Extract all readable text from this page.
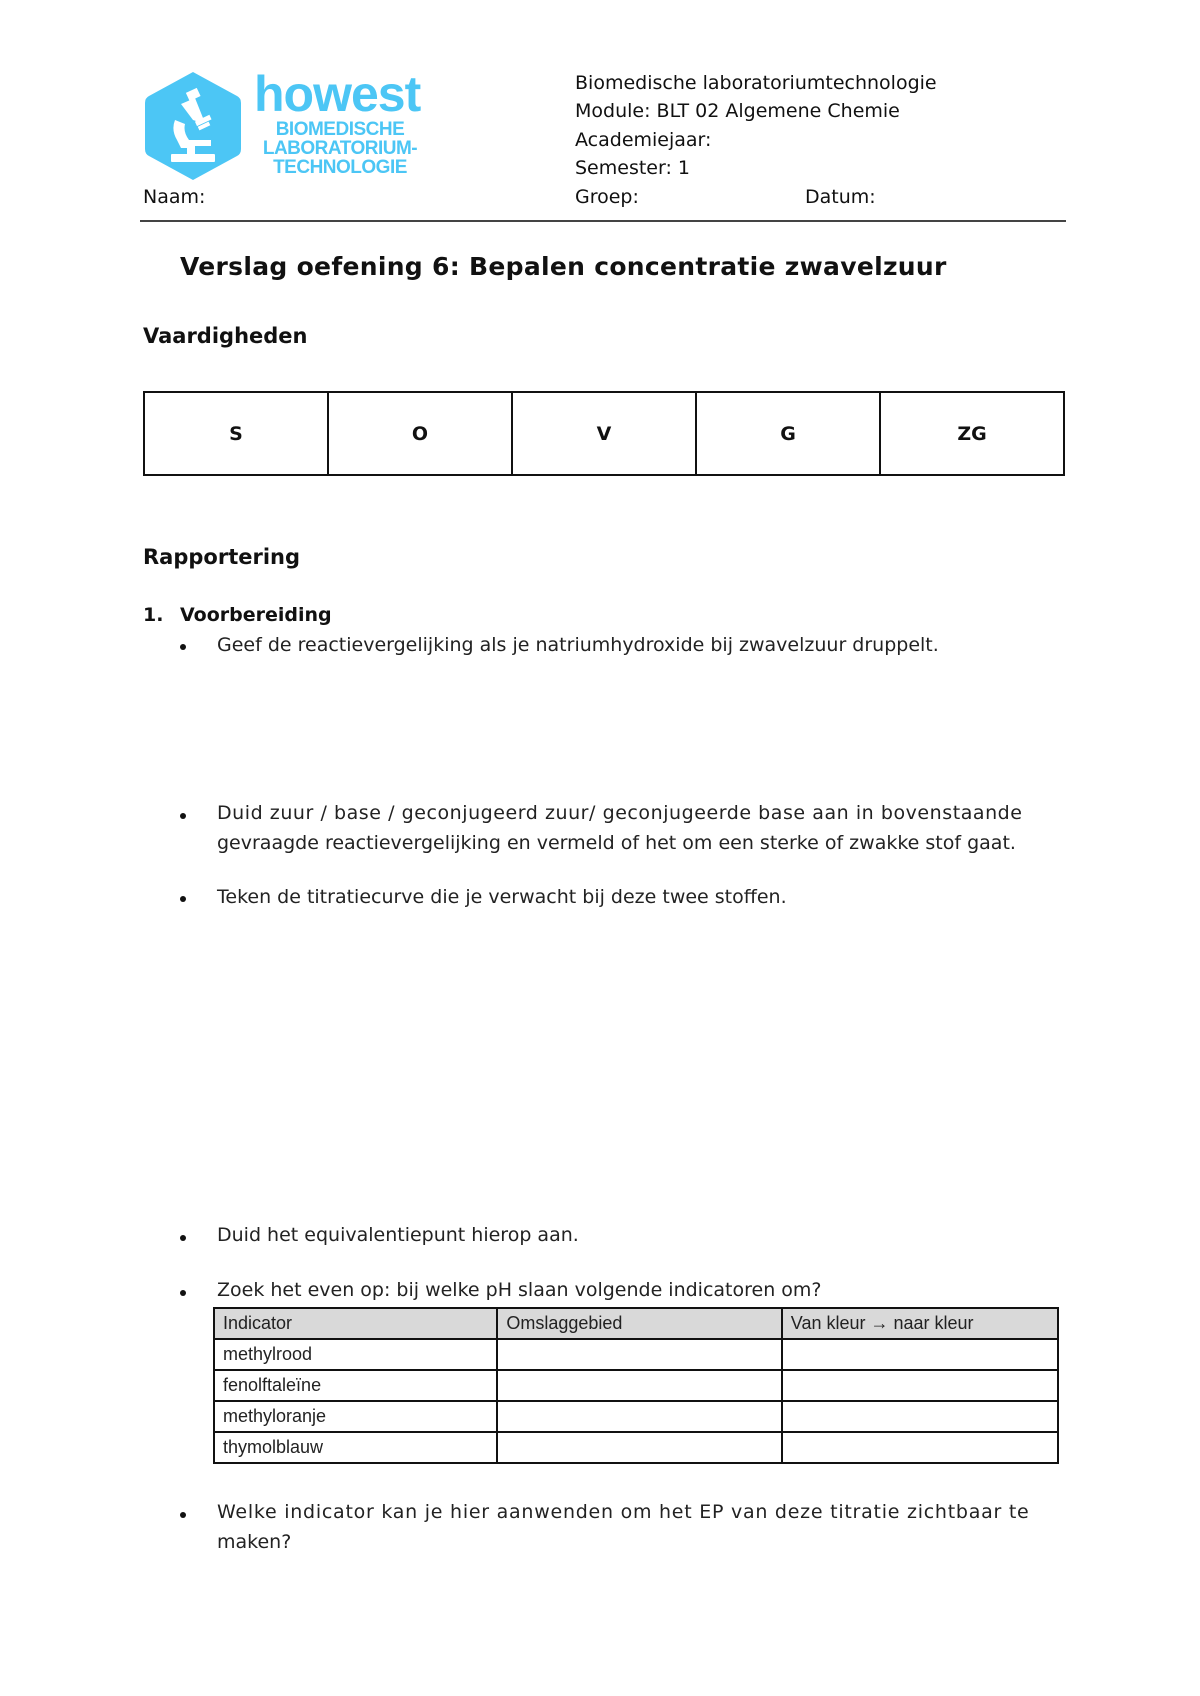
howest
BIOMEDISCHE
LABORATORIUM-
TECHNOLOGIE
Biomedische laboratoriumtechnologie
Module: BLT 02 Algemene Chemie
Academiejaar:
Semester: 1
Naam:	Groep:	Datum:
Verslag oefening 6: Bepalen concentratie zwavelzuur
Vaardigheden
S	O	V	G	ZG
Rapportering
1. Voorbereiding
Geef de reactievergelijking als je natriumhydroxide bij zwavelzuur druppelt.
Duid zuur / base / geconjugeerd zuur/ geconjugeerde base aan in bovenstaande
gevraagde reactievergelijking en vermeld of het om een sterke of zwakke stof gaat.
Teken de titratiecurve die je verwacht bij deze twee stoffen.
Duid het equivalentiepunt hierop aan.
Zoek het even op: bij welke pH slaan volgende indicatoren om?
Indicator	Omslaggebied	Van kleur → naar kleur
methylrood		
fenolftaleïne		
methyloranje		
thymolblauw		
Welke indicator kan je hier aanwenden om het EP van deze titratie zichtbaar te
maken?
